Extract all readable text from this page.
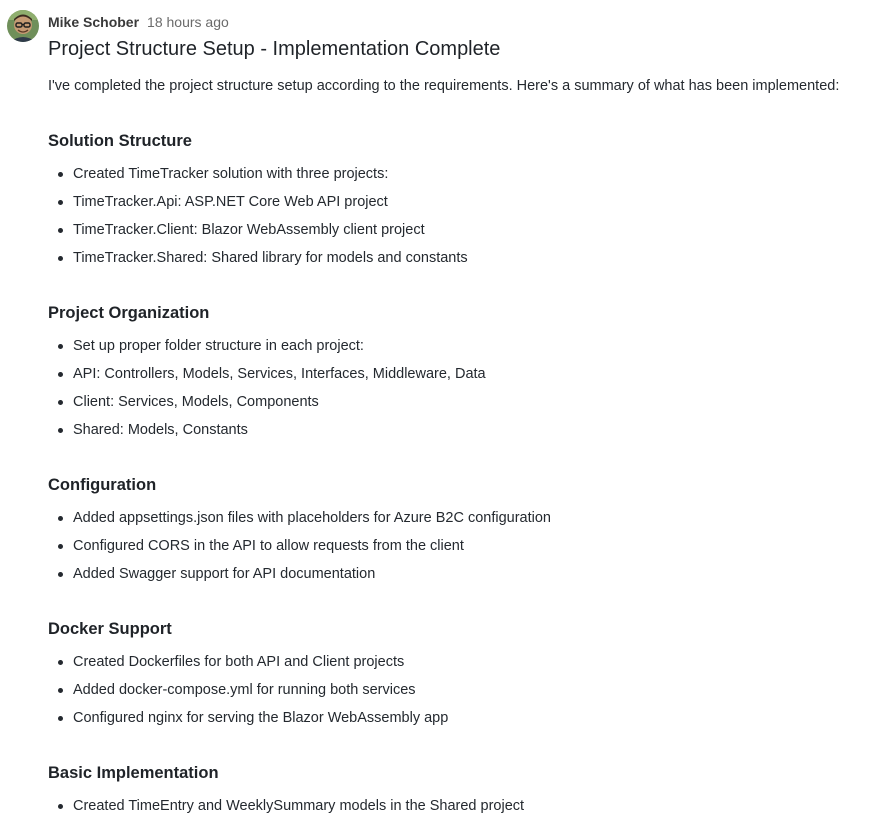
Mike Schober 18 hours ago
Project Structure Setup - Implementation Complete

I've completed the project structure setup according to the requirements. Here's a summary of what has been implemented:

Solution Structure
Created TimeTracker solution with three projects:
TimeTracker.Api: ASP.NET Core Web API project
TimeTracker.Client: Blazor WebAssembly client project
TimeTracker.Shared: Shared library for models and constants
Project Organization
Set up proper folder structure in each project:
API: Controllers, Models, Services, Interfaces, Middleware, Data
Client: Services, Models, Components
Shared: Models, Constants
Configuration
Added appsettings.json files with placeholders for Azure B2C configuration
Configured CORS in the API to allow requests from the client
Added Swagger support for API documentation
Docker Support
Created Dockerfiles for both API and Client projects
Added docker-compose.yml for running both services
Configured nginx for serving the Blazor WebAssembly app
Basic Implementation
Created TimeEntry and WeeklySummary models in the Shared project
